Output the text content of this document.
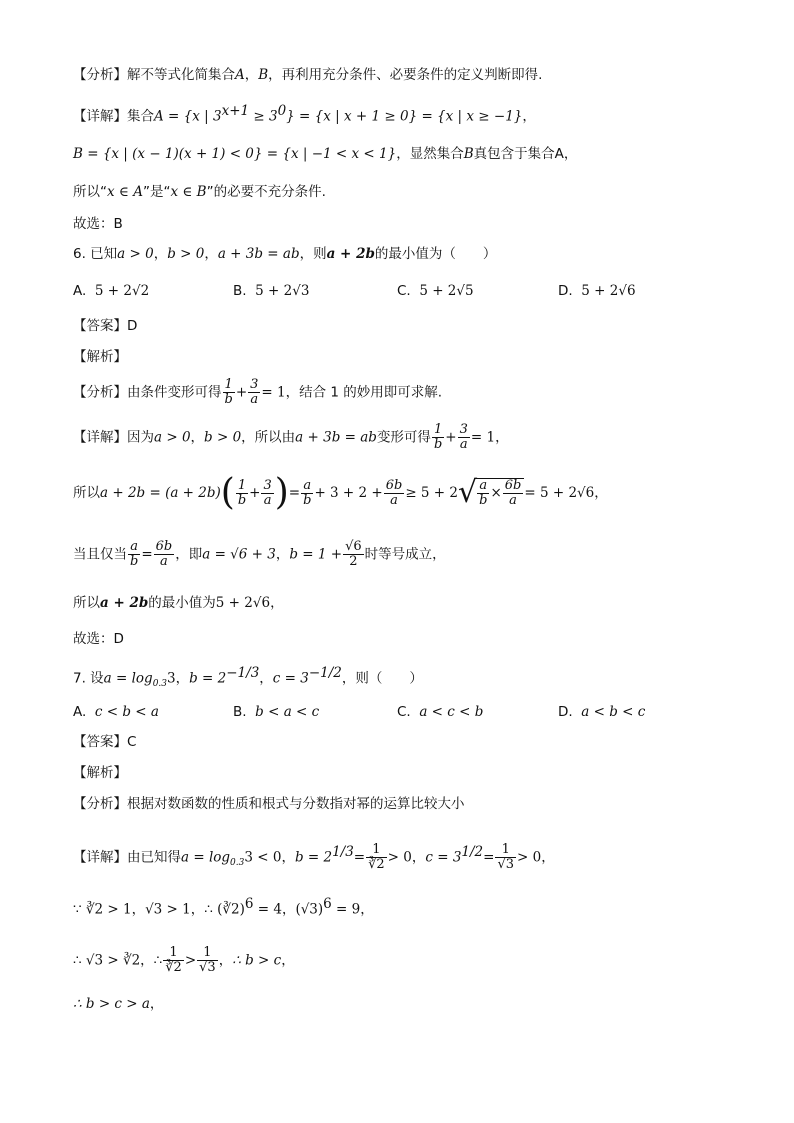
【分析】解不等式化简集合A，B，再利用充分条件、必要条件的定义判断即得.
【详解】集合A = {x | $3^{x+1} \ge 3^0\} = \{x$ | x + 1 ≥ 0} = {x | x ≥ −1}，
B = {x | (x − 1)(x + 1) < 0} = {x | −1 < x < 1}，显然集合B真包含于集合A，
所以“x ∈ A”是“x ∈ B”的必要不充分条件.
故选：B
6. 已知a > 0，b > 0，a + 3b = ab，则a + 2b的最小值为（　　）
A. 5 + 2√2	B. 5 + 2√3	C. 5 + 2√5	D. 5 + 2√6
【答案】D
【解析】
【分析】由条件变形可得 $\frac{1}{b} + \frac{3}{a} = 1$，结合 1 的妙用即可求解.
【详解】因为a > 0，b > 0，所以由a + 3b = ab变形可得 $\frac{1}{b} + \frac{3}{a} = 1$，
所以$a + 2b = (a + 2b)( \frac{1}{b} + \frac{3}{a}$ )= $\frac{a}{b} + 3 + 2 + \frac{6b}{a} \ge 5 + 2√ \frac{a}{b} \times \frac{6b}{a} = 5 + 2√6$，
当且仅当 $\frac{a}{b} = \frac{6b}{a}$ ，即a = √6 + 3，$b = 1 + \frac{√6}{2}$ 时等号成立，
所以a + 2b的最小值为5 + 2√6，
故选：D
7. 设$a = \log_{0.3}3$，$b = 2^{-1/3}$，$c = 3^{-1/2}$，则（　　）
A. c < b < a	B. b < a < c	C. a < c < b	D. a < b < c
【答案】C
【解析】
【分析】根据对数函数的性质和根式与分数指对幂的运算比较大小
【详解】由已知得$a = \log_{0.3}3 < 0$，$b = 2^{1/3}= \frac{1}{∛2} > 0$，$c = 3^{1/2}= \frac{1}{√3} > 0$，
∵ ∛2 > 1，√3 > 1，∴ (∛2)$^6$ = 4，$(√3)^6 = 9$，
∴ √3 > ∛2，∴ $\frac{1}{∛2} > \frac{1}{√3}$ ，∴ b > c，
∴ b > c > a，
